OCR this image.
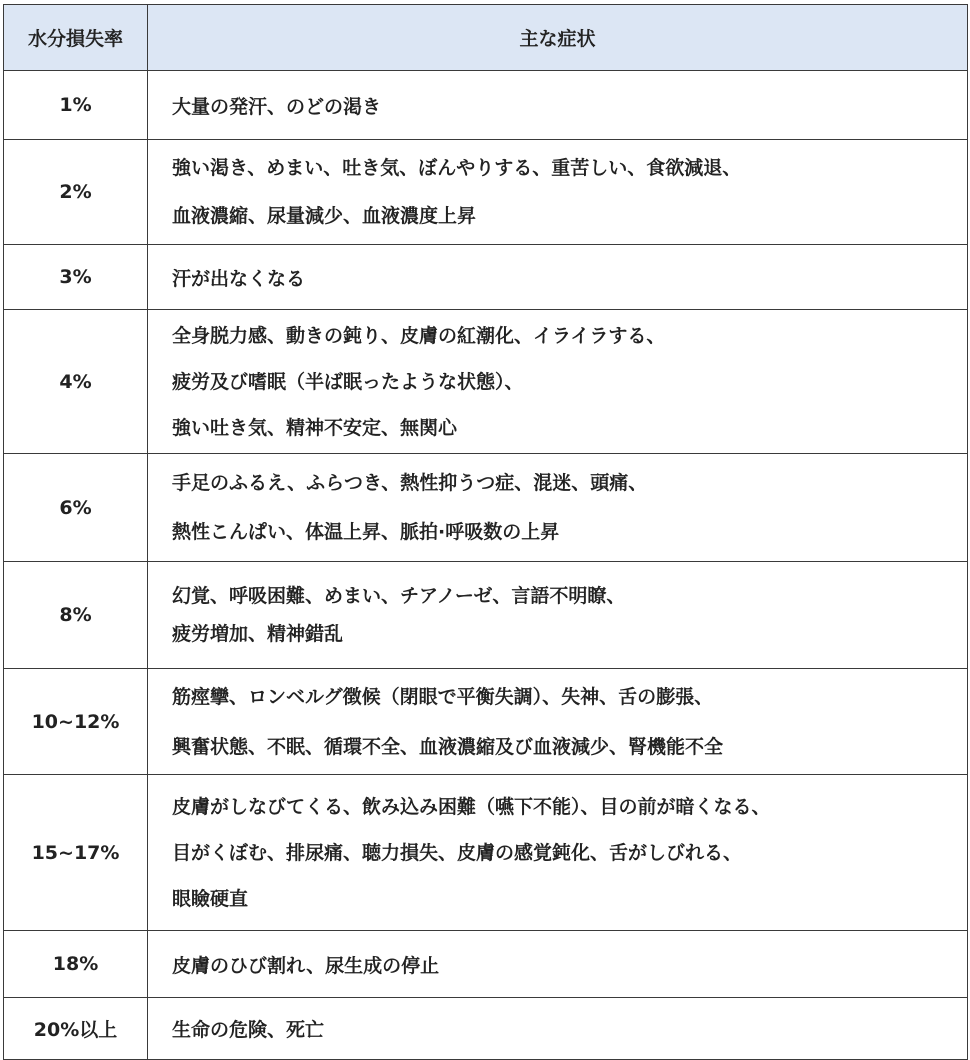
水分損失率	主な症状
1%	大量の発汗、のどの渇き

2%	強い渇き、めまい、吐き気、ぼんやりする、重苦しい、食欲減退、
血液濃縮、尿量減少、血液濃度上昇

3%	汗が出なくなる

4%	全身脱力感、動きの鈍り、皮膚の紅潮化、イライラする、
疲労及び嗜眠（半ば眠ったような状態）、
強い吐き気、精神不安定、無関心

6%	手足のふるえ、ふらつき、熱性抑うつ症、混迷、頭痛、
熱性こんぱい、体温上昇、脈拍·呼吸数の上昇

8%	幻覚、呼吸困難、めまい、チアノーゼ、言語不明瞭、
疲労増加、精神錯乱

10~12%	筋痙攣、ロンベルグ徴候（閉眼で平衡失調）、失神、舌の膨張、
興奮状態、不眠、循環不全、血液濃縮及び血液減少、腎機能不全

15~17%	皮膚がしなびてくる、飲み込み困難（嚥下不能）、目の前が暗くなる、
目がくぼむ、排尿痛、聴力損失、皮膚の感覚鈍化、舌がしびれる、
眼瞼硬直

18%	皮膚のひび割れ、尿生成の停止

20%以上	生命の危険、死亡
